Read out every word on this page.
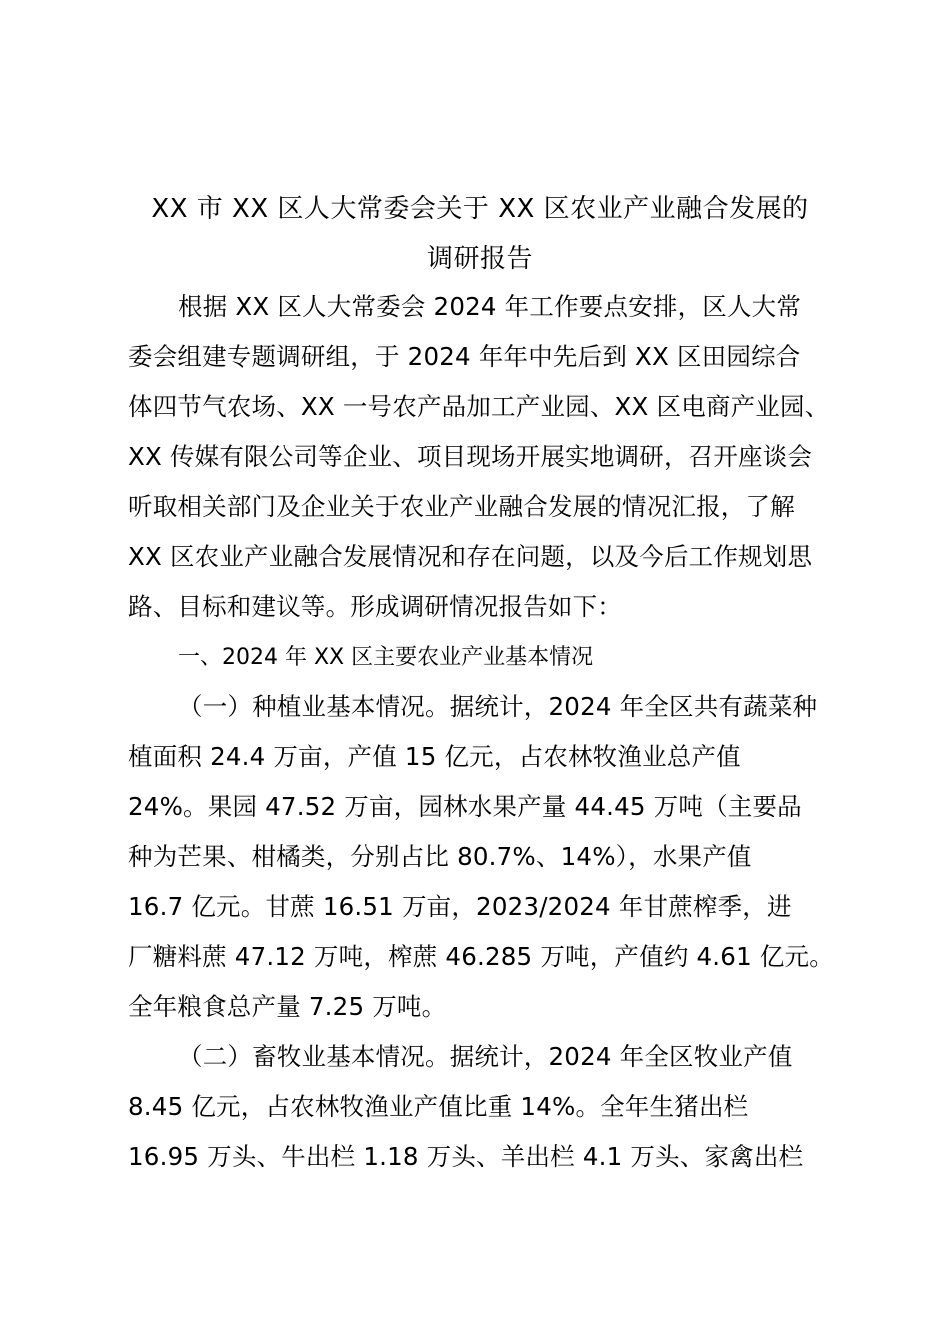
XX 市 XX 区人大常委会关于 XX 区农业产业融合发展的
调研报告
根据 XX 区人大常委会 2024 年工作要点安排，区人大常
委会组建专题调研组，于 2024 年年中先后到 XX 区田园综合
体四节气农场、XX 一号农产品加工产业园、XX 区电商产业园、
XX 传媒有限公司等企业、项目现场开展实地调研，召开座谈会
听取相关部门及企业关于农业产业融合发展的情况汇报，了解
XX 区农业产业融合发展情况和存在问题，以及今后工作规划思
路、目标和建议等。形成调研情况报告如下：
一、2024 年 XX 区主要农业产业基本情况
（一）种植业基本情况。据统计，2024 年全区共有蔬菜种
植面积 24.4 万亩，产值 15 亿元，占农林牧渔业总产值
24%。果园 47.52 万亩，园林水果产量 44.45 万吨（主要品
种为芒果、柑橘类，分别占比 80.7%、14%），水果产值
16.7 亿元。甘蔗 16.51 万亩，2023/2024 年甘蔗榨季，进
厂糖料蔗 47.12 万吨，榨蔗 46.285 万吨，产值约 4.61 亿元。
全年粮食总产量 7.25 万吨。
（二）畜牧业基本情况。据统计，2024 年全区牧业产值
8.45 亿元，占农林牧渔业产值比重 14%。全年生猪出栏
16.95 万头、牛出栏 1.18 万头、羊出栏 4.1 万头、家禽出栏
